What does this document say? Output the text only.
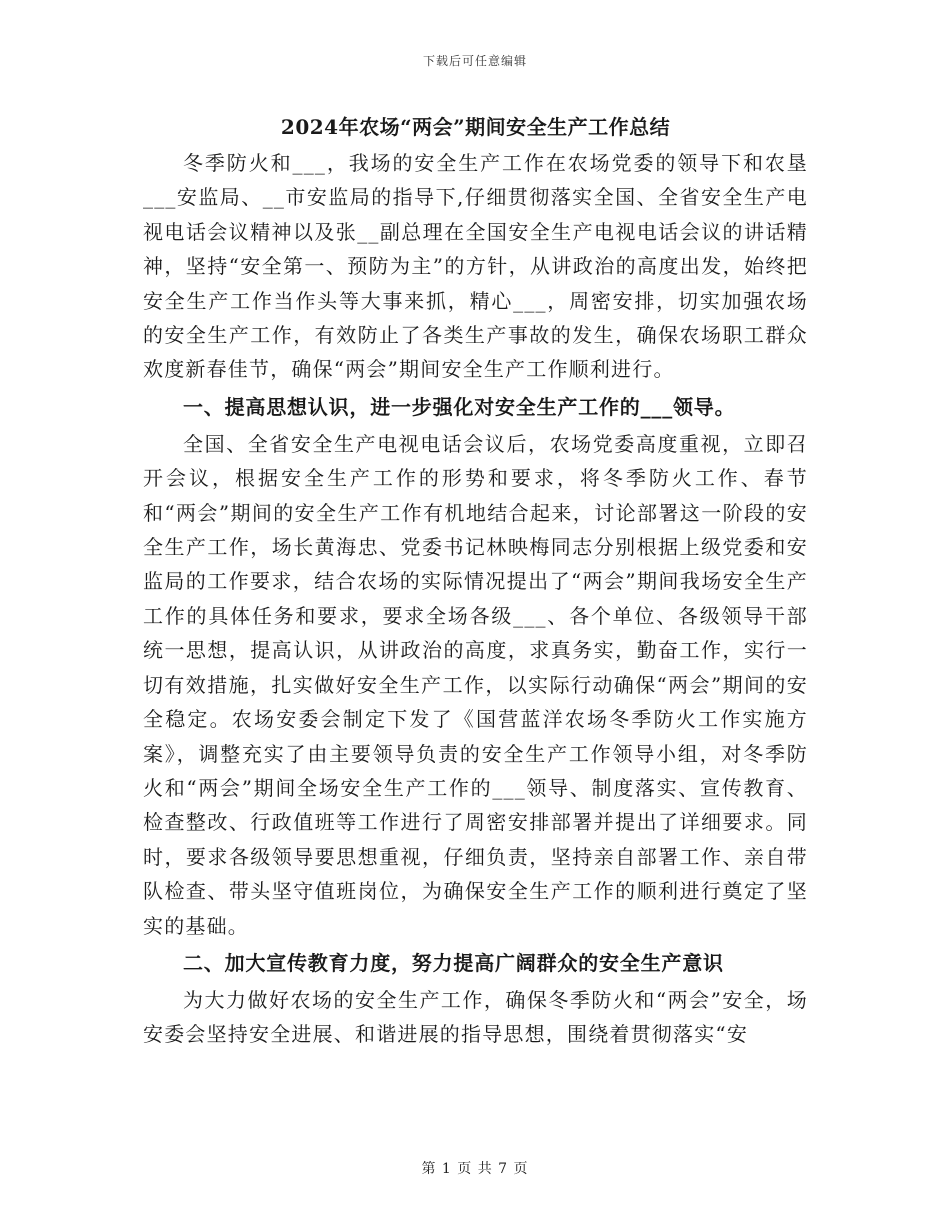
下载后可任意编辑
2024年农场“两会”期间安全生产工作总结

冬季防火和___，我场的安全生产工作在农场党委的领导下和农垦___安监局、__市安监局的指导下,仔细贯彻落实全国、全省安全生产电视电话会议精神以及张__副总理在全国安全生产电视电话会议的讲话精神，坚持“安全第一、预防为主”的方针，从讲政治的高度出发，始终把安全生产工作当作头等大事来抓，精心___，周密安排，切实加强农场的安全生产工作，有效防止了各类生产事故的发生，确保农场职工群众欢度新春佳节，确保“两会”期间安全生产工作顺利进行。

一、提高思想认识，进一步强化对安全生产工作的___领导。

全国、全省安全生产电视电话会议后，农场党委高度重视，立即召开会议，根据安全生产工作的形势和要求，将冬季防火工作、春节和“两会”期间的安全生产工作有机地结合起来，讨论部署这一阶段的安全生产工作，场长黄海忠、党委书记林映梅同志分别根据上级党委和安监局的工作要求，结合农场的实际情况提出了“两会”期间我场安全生产工作的具体任务和要求，要求全场各级___、各个单位、各级领导干部统一思想，提高认识，从讲政治的高度，求真务实，勤奋工作，实行一切有效措施，扎实做好安全生产工作，以实际行动确保“两会”期间的安全稳定。农场安委会制定下发了《国营蓝洋农场冬季防火工作实施方案》，调整充实了由主要领导负责的安全生产工作领导小组，对冬季防火和“两会”期间全场安全生产工作的___领导、制度落实、宣传教育、检查整改、行政值班等工作进行了周密安排部署并提出了详细要求。同时，要求各级领导要思想重视，仔细负责，坚持亲自部署工作、亲自带队检查、带头坚守值班岗位，为确保安全生产工作的顺利进行奠定了坚实的基础。

二、加大宣传教育力度，努力提高广阔群众的安全生产意识

为大力做好农场的安全生产工作，确保冬季防火和“两会”安全，场安委会坚持安全进展、和谐进展的指导思想，围绕着贯彻落实“安

第 1 页 共 7 页
